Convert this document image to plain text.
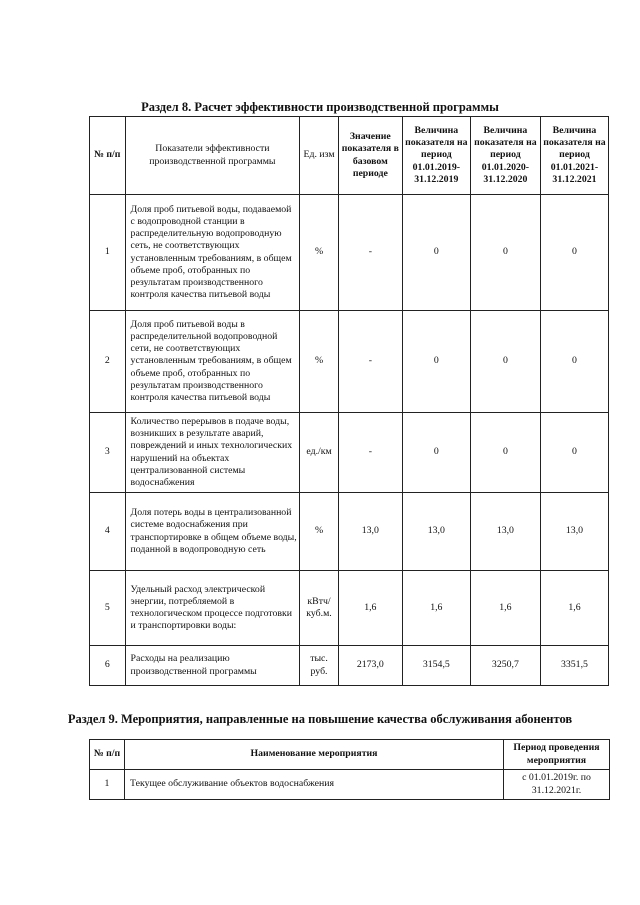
Раздел 8. Расчет эффективности производственной программы
№ п/п	Показатели эффективности производственной программы	Ед. изм	Значение показателя в базовом периоде	Величина показателя на период 01.01.2019-31.12.2019	Величина показателя на период 01.01.2020-31.12.2020	Величина показателя на период 01.01.2021-31.12.2021
1	Доля проб питьевой воды, подаваемой с водопроводной станции в распределительную водопроводную сеть, не соответствующих установленным требованиям, в общем объеме проб, отобранных по результатам производственного контроля качества питьевой воды	%	-	0	0	0
2	Доля проб питьевой воды в распределительной водопроводной сети, не соответствующих установленным требованиям, в общем объеме проб, отобранных по результатам производственного контроля качества питьевой воды	%	-	0	0	0
3	Количество перерывов в подаче воды, возникших в результате аварий, повреждений и иных технологических нарушений на объектах централизованной системы водоснабжения	ед./км	-	0	0	0
4	Доля потерь воды в централизованной системе водоснабжения при транспортировке в общем объеме воды, поданной в водопроводную сеть	%	13,0	13,0	13,0	13,0
5	Удельный расход электрической энергии, потребляемой в технологическом процессе подготовки и транспортировки воды:	кВтч/куб.м.	1,6	1,6	1,6	1,6
6	Расходы на реализацию производственной программы	тыс. руб.	2173,0	3154,5	3250,7	3351,5
Раздел 9. Мероприятия, направленные на повышение качества обслуживания абонентов
№ п/п	Наименование мероприятия	Период проведения мероприятия
1	Текущее обслуживание объектов водоснабжения	с 01.01.2019г. по 31.12.2021г.
